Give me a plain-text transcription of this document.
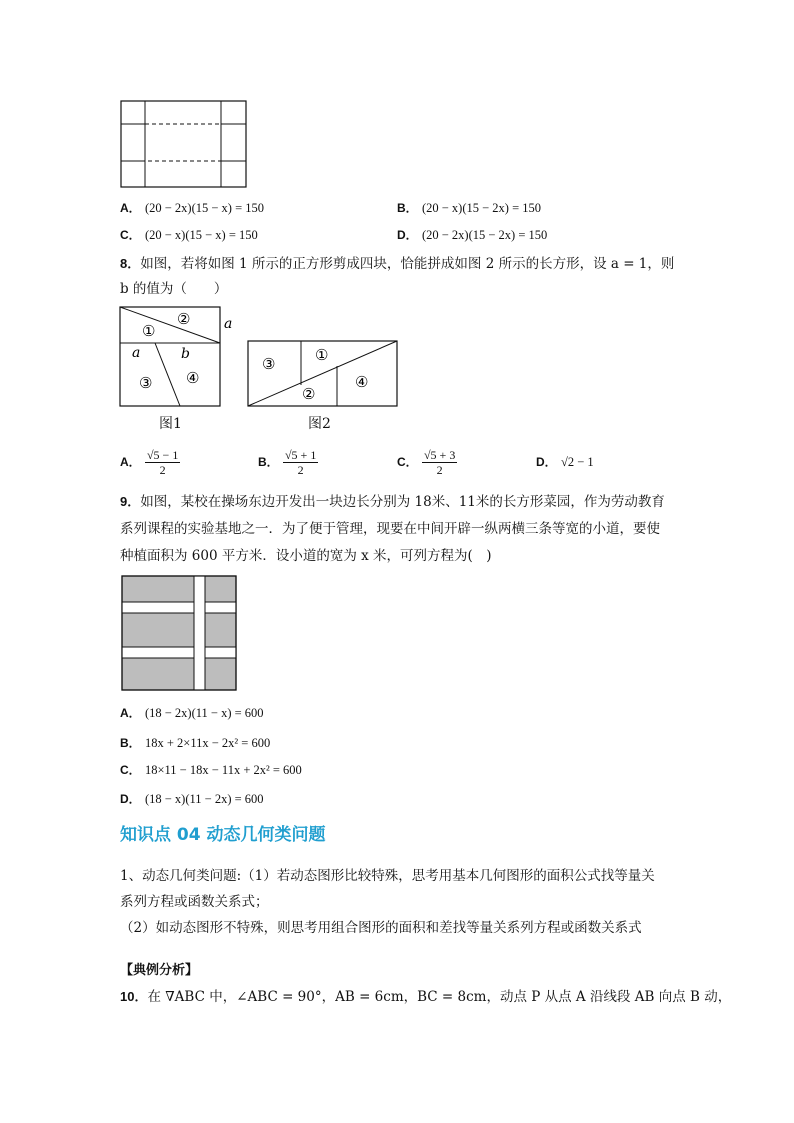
A． (20 − 2x)(15 − x) = 150	B． (20 − x)(15 − 2x) = 150
C． (20 − x)(15 − x) = 150	D． (20 − 2x)(15 − 2x) = 150
8．如图，若将如图 1 所示的正方形剪成四块，恰能拼成如图 2 所示的长方形，设 a = 1，则
b 的值为（　　）
①
② a
a	b
③ ④
图1
③	①
②
④
图2
A． $\frac{√5 - 1}{2}$	B． $\frac{√5 + 1}{2}$	C． $\frac{√5 + 3}{2}$	D． √2 − 1
9．如图，某校在操场东边开发出一块边长分别为 18米、11米的长方形菜园，作为劳动教育
系列课程的实验基地之一．为了便于管理，现要在中间开辟一纵两横三条等宽的小道，要使
种植面积为 600 平方米．设小道的宽为 x 米，可列方程为(　)
A． (18 − 2x)(11 − x) = 600
B． 18x + 2×11x − 2x² = 600
C． 18×11 − 18x − 11x + 2x² = 600
D． (18 − x)(11 − 2x) = 600
知识点 04 动态几何类问题
1、动态几何类问题:（1）若动态图形比较特殊，思考用基本几何图形的面积公式找等量关
系列方程或函数关系式；
（2）如动态图形不特殊，则思考用组合图形的面积和差找等量关系列方程或函数关系式
【典例分析】
10．在 ∇ABC 中，∠ABC = 90°，AB = 6cm，BC = 8cm，动点 P 从点 A 沿线段 AB 向点 B 动，
